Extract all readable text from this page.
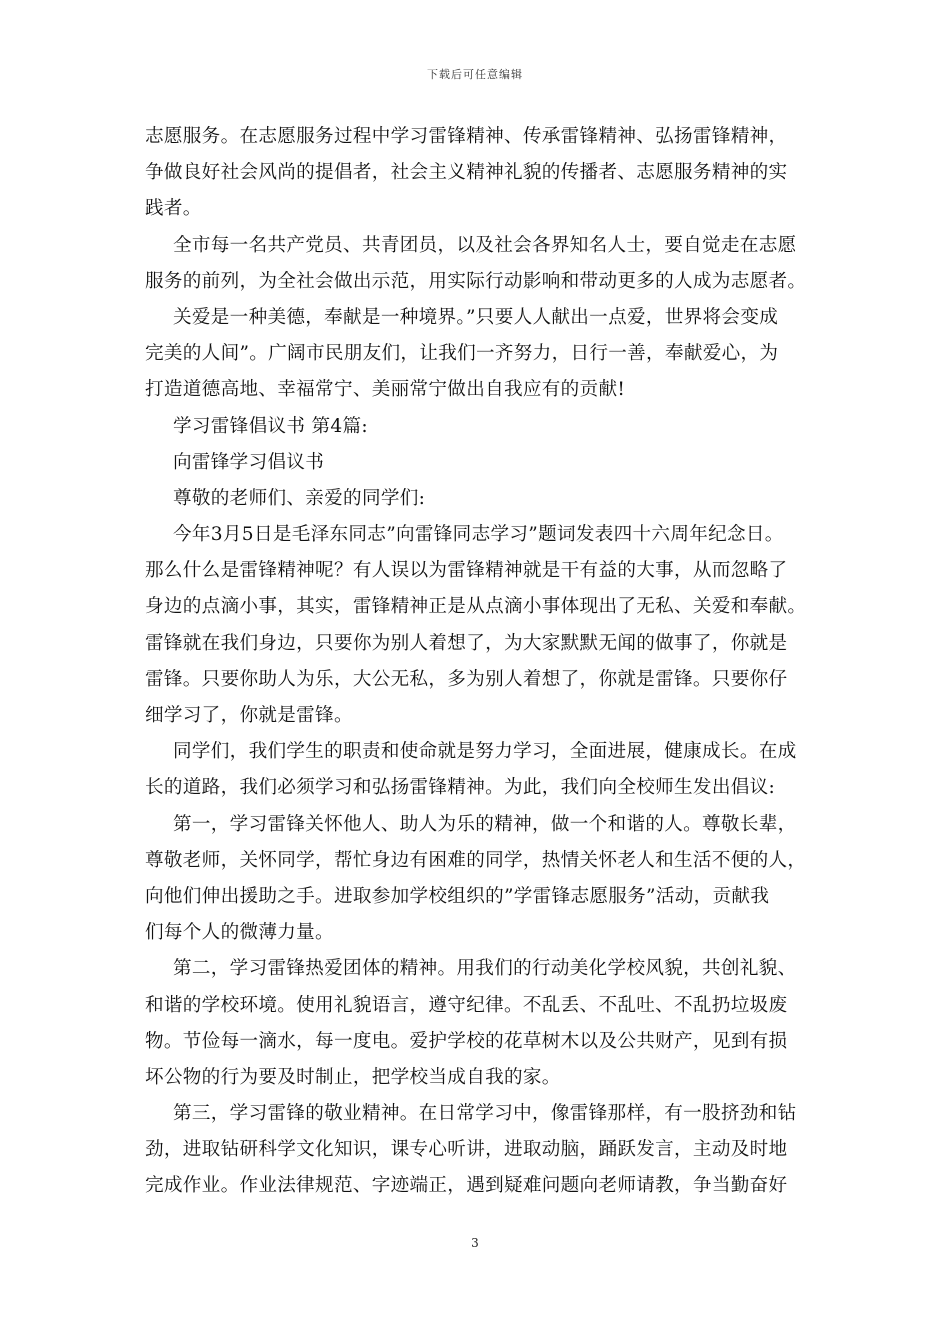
下载后可任意编辑
志愿服务。在志愿服务过程中学习雷锋精神、传承雷锋精神、弘扬雷锋精神，
争做良好社会风尚的提倡者，社会主义精神礼貌的传播者、志愿服务精神的实
践者。
全市每一名共产党员、共青团员，以及社会各界知名人士，要自觉走在志愿
服务的前列，为全社会做出示范，用实际行动影响和带动更多的人成为志愿者。
关爱是一种美德，奉献是一种境界。”只要人人献出一点爱，世界将会变成
完美的人间”。广阔市民朋友们，让我们一齐努力，日行一善，奉献爱心，为
打造道德高地、幸福常宁、美丽常宁做出自我应有的贡献!
学习雷锋倡议书 第4篇:
向雷锋学习倡议书
尊敬的老师们、亲爱的同学们:
今年3月5日是毛泽东同志”向雷锋同志学习”题词发表四十六周年纪念日。
那么什么是雷锋精神呢？有人误以为雷锋精神就是干有益的大事，从而忽略了
身边的点滴小事，其实，雷锋精神正是从点滴小事体现出了无私、关爱和奉献。
雷锋就在我们身边，只要你为别人着想了，为大家默默无闻的做事了，你就是
雷锋。只要你助人为乐，大公无私，多为别人着想了，你就是雷锋。只要你仔
细学习了，你就是雷锋。
同学们，我们学生的职责和使命就是努力学习，全面进展，健康成长。在成
长的道路，我们必须学习和弘扬雷锋精神。为此，我们向全校师生发出倡议:
第一，学习雷锋关怀他人、助人为乐的精神，做一个和谐的人。尊敬长辈，
尊敬老师，关怀同学，帮忙身边有困难的同学，热情关怀老人和生活不便的人，
向他们伸出援助之手。进取参加学校组织的”学雷锋志愿服务”活动，贡献我
们每个人的微薄力量。
第二，学习雷锋热爱团体的精神。用我们的行动美化学校风貌，共创礼貌、
和谐的学校环境。使用礼貌语言，遵守纪律。不乱丢、不乱吐、不乱扔垃圾废
物。节俭每一滴水，每一度电。爱护学校的花草树木以及公共财产，见到有损
坏公物的行为要及时制止，把学校当成自我的家。
第三，学习雷锋的敬业精神。在日常学习中，像雷锋那样，有一股挤劲和钻
劲，进取钻研科学文化知识，课专心听讲，进取动脑，踊跃发言，主动及时地
完成作业。作业法律规范、字迹端正，遇到疑难问题向老师请教，争当勤奋好
3
